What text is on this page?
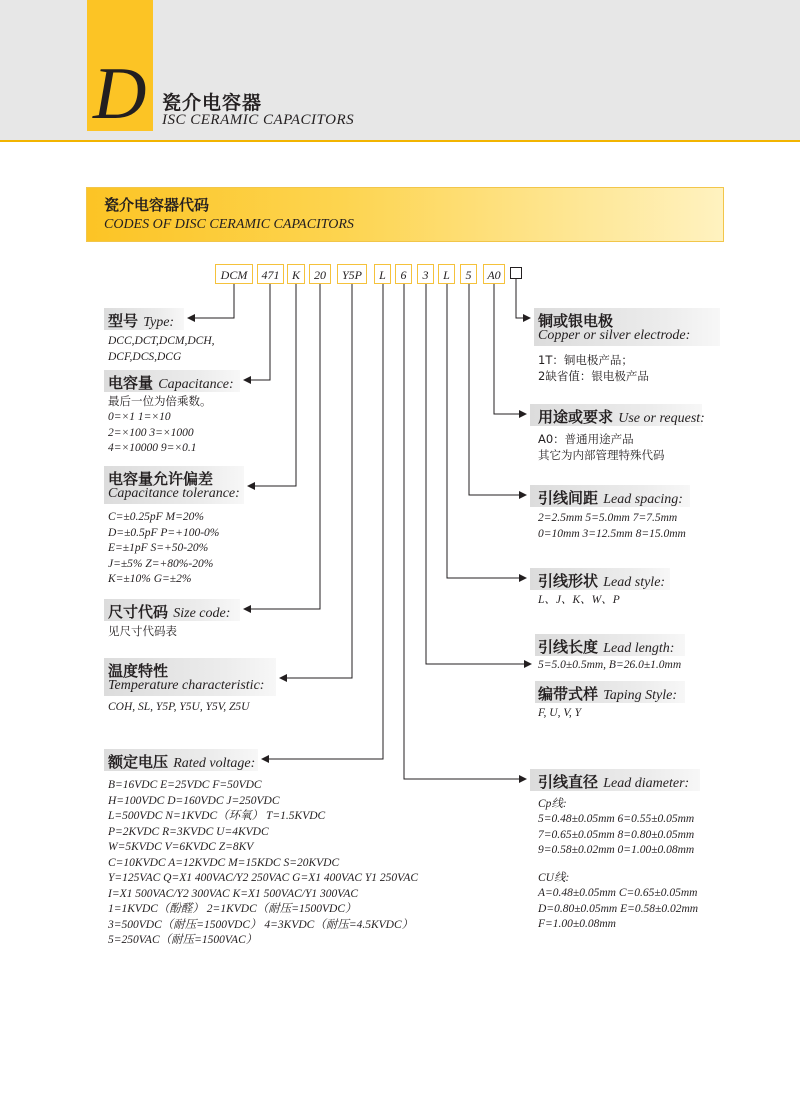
D 瓷介电容器
ISC CERAMIC CAPACITORS
瓷介电容器代码
CODES OF DISC CERAMIC CAPACITORS
DCM	471	K	20	Y5P	L	6	3	L	5	A0
型号 Type:
DCC,DCT,DCM,DCH,
DCF,DCS,DCG
电容量 Capacitance:
最后一位为倍乘数。
0=×1 1=×10
2=×100 3=×1000
4=×10000 9=×0.1
电容量允许偏差
Capacitance tolerance:
C=±0.25pF M=20%
D=±0.5pF P=+100-0%
E=±1pF S=+50-20%
J=±5% Z=+80%-20%
K=±10% G=±2%
尺寸代码 Size code:
见尺寸代码表
温度特性
Temperature characteristic:
COH, SL, Y5P, Y5U, Y5V, Z5U
额定电压 Rated voltage:
B=16VDC E=25VDC F=50VDC
H=100VDC D=160VDC J=250VDC
L=500VDC N=1KVDC（环氧） T=1.5KVDC
P=2KVDC R=3KVDC U=4KVDC
W=5KVDC V=6KVDC Z=8KV
C=10KVDC A=12KVDC M=15KDC S=20KVDC
Y=125VAC Q=X1 400VAC/Y2 250VAC G=X1 400VAC Y1 250VAC
I=X1 500VAC/Y2 300VAC K=X1 500VAC/Y1 300VAC
1=1KVDC（酚醛） 2=1KVDC（耐压=1500VDC）
3=500VDC（耐压=1500VDC） 4=3KVDC（耐压=4.5KVDC）
5=250VAC（耐压=1500VAC）
铜或银电极
Copper or silver electrode:
1T：铜电极产品；
2缺省值：银电极产品
用途或要求 Use or request:
A0：普通用途产品
其它为内部管理特殊代码
引线间距 Lead spacing:
2=2.5mm 5=5.0mm 7=7.5mm
0=10mm 3=12.5mm 8=15.0mm
引线形状 Lead style:
L、J、K、W、P
引线长度 Lead length:
5=5.0±0.5mm, B=26.0±1.0mm
编带式样 Taping Style:
F, U, V, Y
引线直径 Lead diameter:
Cp线:
5=0.48±0.05mm 6=0.55±0.05mm
7=0.65±0.05mm 8=0.80±0.05mm
9=0.58±0.02mm 0=1.00±0.08mm
CU线:
A=0.48±0.05mm C=0.65±0.05mm
D=0.80±0.05mm E=0.58±0.02mm
F=1.00±0.08mm
